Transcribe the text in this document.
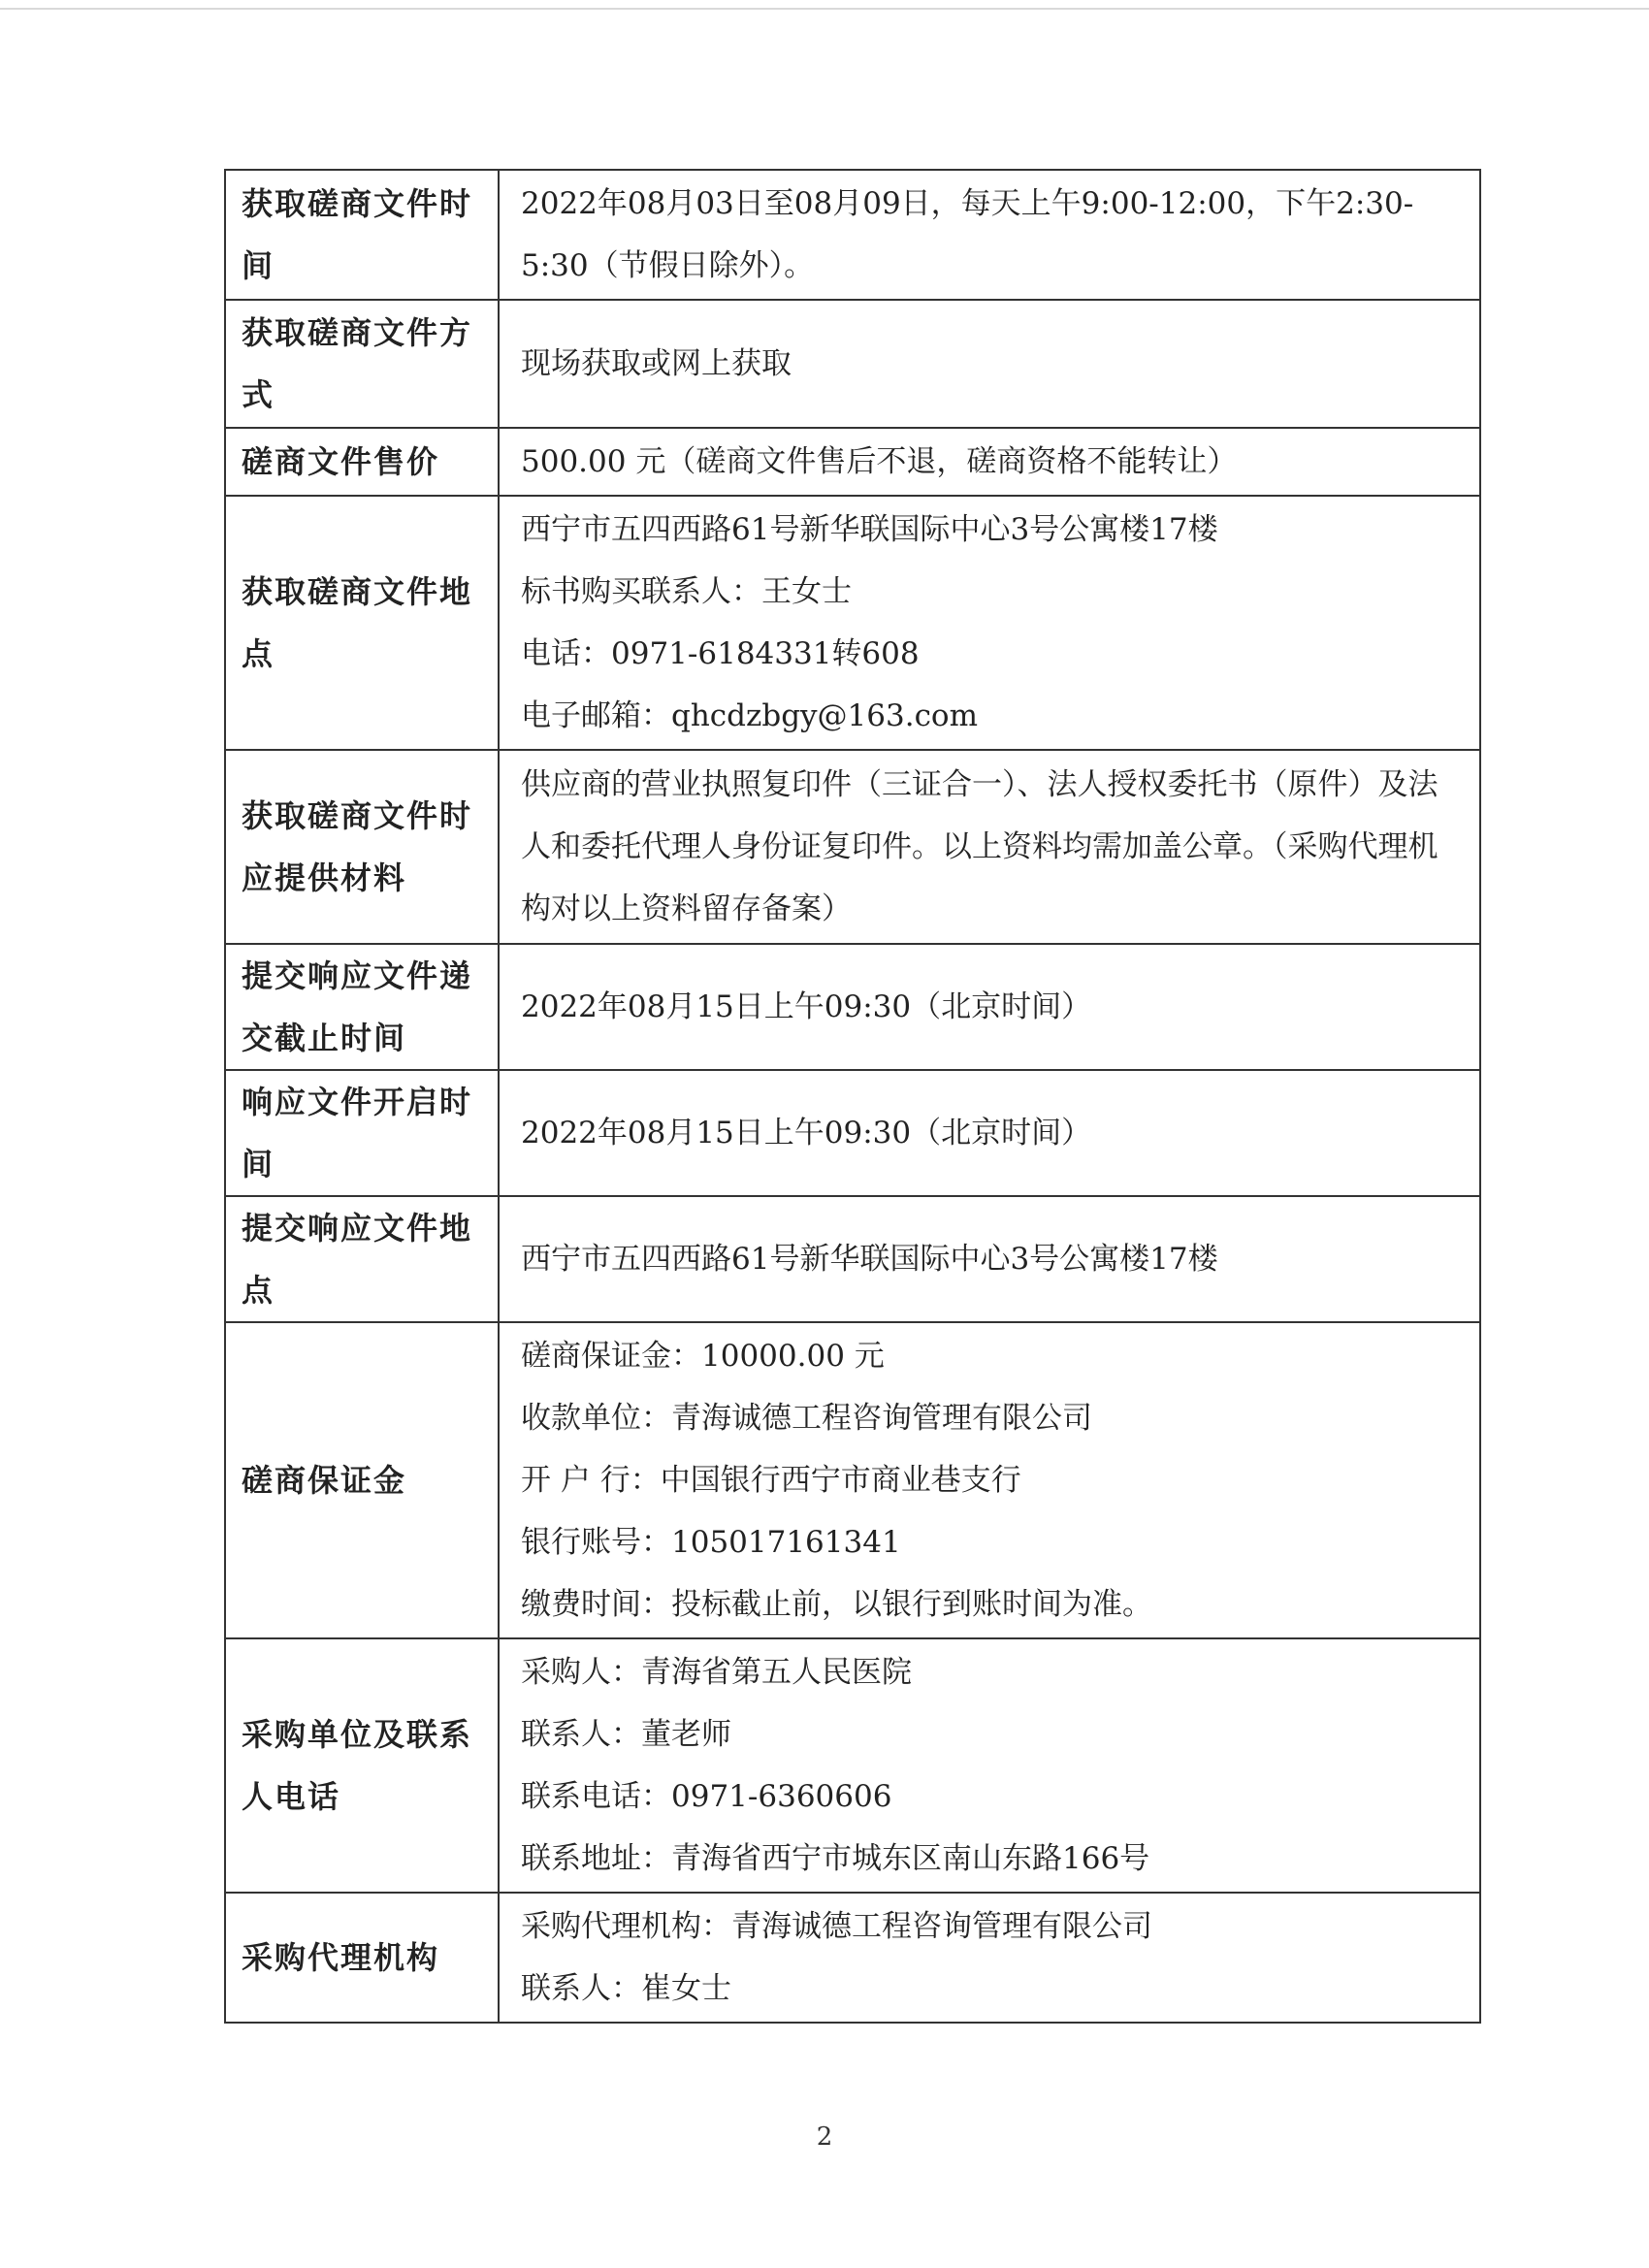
获取磋商文件时间	2022年08月03日至08月09日，每天上午9:00-12:00，下午2:30-5:30（节假日除外）。

获取磋商文件方式	现场获取或网上获取

磋商文件售价	500.00 元（磋商文件售后不退，磋商资格不能转让）

获取磋商文件地点	西宁市五四西路61号新华联国际中心3号公寓楼17楼
标书购买联系人：王女士
电话：0971-6184331转608
电子邮箱：qhcdzbgy@163.com

获取磋商文件时应提供材料	供应商的营业执照复印件（三证合一）、法人授权委托书（原件）及法人和委托代理人身份证复印件。以上资料均需加盖公章。（采购代理机构对以上资料留存备案）

提交响应文件递交截止时间	2022年08月15日上午09:30（北京时间）

响应文件开启时间	2022年08月15日上午09:30（北京时间）

提交响应文件地点	西宁市五四西路61号新华联国际中心3号公寓楼17楼

磋商保证金	磋商保证金：10000.00 元
收款单位：青海诚德工程咨询管理有限公司
开 户 行：中国银行西宁市商业巷支行
银行账号：105017161341
缴费时间：投标截止前，以银行到账时间为准。

采购单位及联系人电话	采购人：青海省第五人民医院
联系人：董老师
联系电话：0971-6360606
联系地址：青海省西宁市城东区南山东路166号

采购代理机构	采购代理机构：青海诚德工程咨询管理有限公司
联系人：崔女士
2
